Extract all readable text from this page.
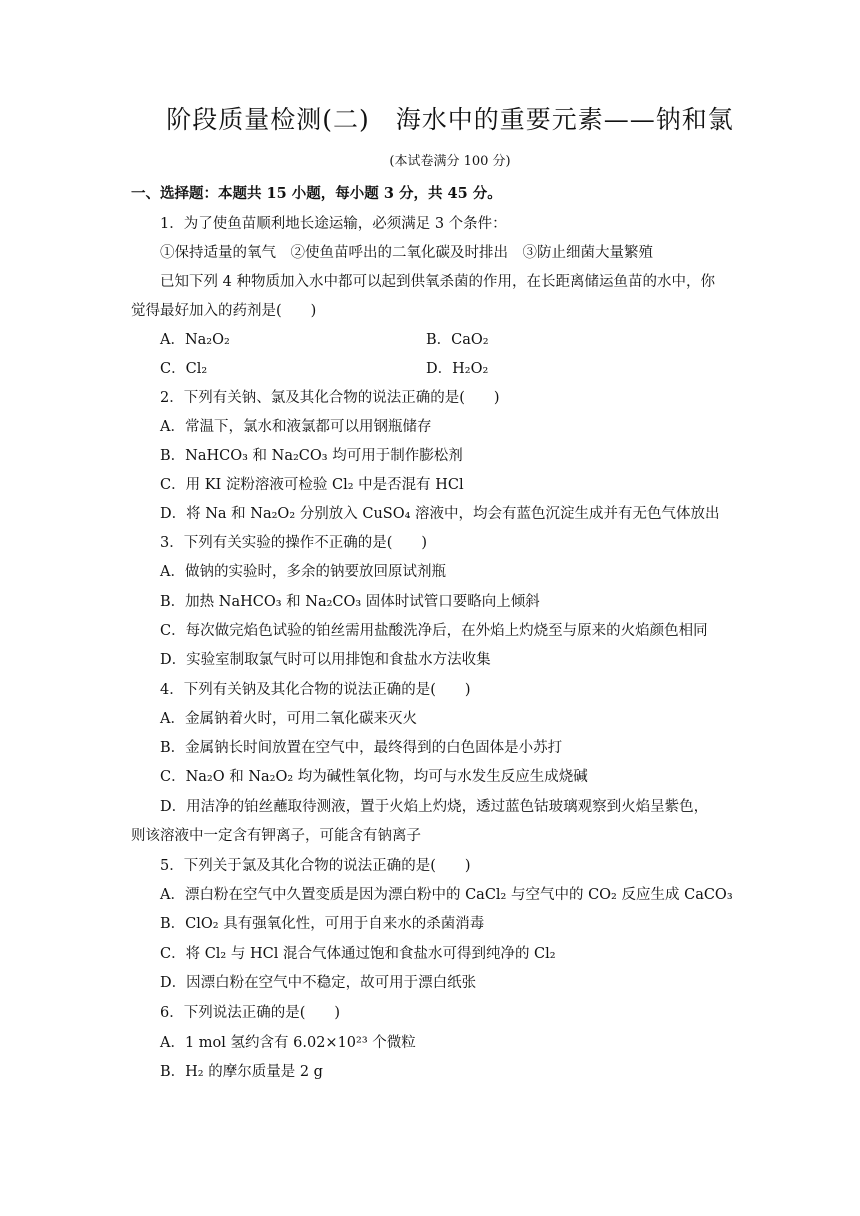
阶段质量检测(二)　海水中的重要元素——钠和氯
(本试卷满分 100 分)
一、选择题：本题共 15 小题，每小题 3 分，共 45 分。
1．为了使鱼苗顺利地长途运输，必须满足 3 个条件：
①保持适量的氧气　②使鱼苗呼出的二氧化碳及时排出　③防止细菌大量繁殖
已知下列 4 种物质加入水中都可以起到供氧杀菌的作用，在长距离储运鱼苗的水中，你
觉得最好加入的药剂是(　　)
A．Na₂O₂	B．CaO₂
C．Cl₂	D．H₂O₂
2．下列有关钠、氯及其化合物的说法正确的是(　　)
A．常温下，氯水和液氯都可以用钢瓶储存
B．NaHCO₃ 和 Na₂CO₃ 均可用于制作膨松剂
C．用 KI 淀粉溶液可检验 Cl₂ 中是否混有 HCl
D．将 Na 和 Na₂O₂ 分别放入 CuSO₄ 溶液中，均会有蓝色沉淀生成并有无色气体放出
3．下列有关实验的操作不正确的是(　　)
A．做钠的实验时，多余的钠要放回原试剂瓶
B．加热 NaHCO₃ 和 Na₂CO₃ 固体时试管口要略向上倾斜
C．每次做完焰色试验的铂丝需用盐酸洗净后，在外焰上灼烧至与原来的火焰颜色相同
D．实验室制取氯气时可以用排饱和食盐水方法收集
4．下列有关钠及其化合物的说法正确的是(　　)
A．金属钠着火时，可用二氧化碳来灭火
B．金属钠长时间放置在空气中，最终得到的白色固体是小苏打
C．Na₂O 和 Na₂O₂ 均为碱性氧化物，均可与水发生反应生成烧碱
D．用洁净的铂丝蘸取待测液，置于火焰上灼烧，透过蓝色钴玻璃观察到火焰呈紫色，
则该溶液中一定含有钾离子，可能含有钠离子
5．下列关于氯及其化合物的说法正确的是(　　)
A．漂白粉在空气中久置变质是因为漂白粉中的 CaCl₂ 与空气中的 CO₂ 反应生成 CaCO₃
B．ClO₂ 具有强氧化性，可用于自来水的杀菌消毒
C．将 Cl₂ 与 HCl 混合气体通过饱和食盐水可得到纯净的 Cl₂
D．因漂白粉在空气中不稳定，故可用于漂白纸张
6．下列说法正确的是(　　)
A．1 mol 氢约含有 6.02×10²³ 个微粒
B．H₂ 的摩尔质量是 2 g
